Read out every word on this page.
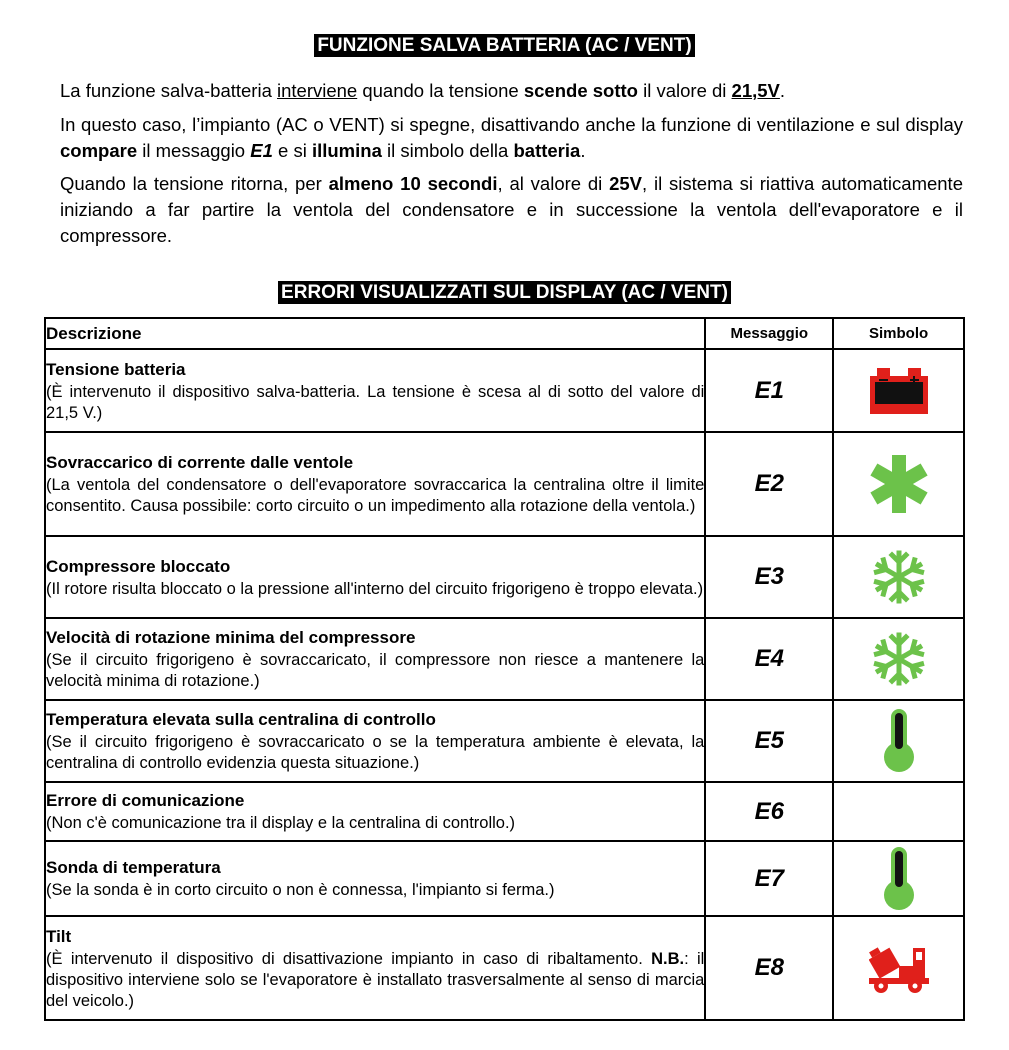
FUNZIONE SALVA BATTERIA (AC / VENT)

La funzione salva-batteria interviene quando la tensione scende sotto il valore di 21,5V.

In questo caso, l’impianto (AC o VENT) si spegne, disattivando anche la funzione di ventilazione e sul display compare il messaggio E1 e si illumina il simbolo della batteria.

Quando la tensione ritorna, per almeno 10 secondi, al valore di 25V, il sistema si riattiva automaticamente iniziando a far partire la ventola del condensatore e in successione la ventola dell'evaporatore e il compressore.

ERRORI VISUALIZZATI SUL DISPLAY (AC / VENT)
Descrizione	Messaggio	Simbolo

Tensione batteria
(È intervenuto il dispositivo salva-batteria. La tensione è scesa al di sotto del valore di 21,5 V.)	E1	

Sovraccarico di corrente dalle ventole
(La ventola del condensatore o dell'evaporatore sovraccarica la centralina oltre il limite consentito. Causa possibile: corto circuito o un impedimento alla rotazione della ventola.)	E2	

Compressore bloccato
(Il rotore risulta bloccato o la pressione all'interno del circuito frigorigeno è troppo elevata.)	E3	

Velocità di rotazione minima del compressore
(Se il circuito frigorigeno è sovraccaricato, il compressore non riesce a mantenere la velocità minima di rotazione.)	E4	

Temperatura elevata sulla centralina di controllo
(Se il circuito frigorigeno è sovraccaricato o se la temperatura ambiente è elevata, la centralina di controllo evidenzia questa situazione.)	E5	

Errore di comunicazione
(Non c'è comunicazione tra il display e la centralina di controllo.)	E6	

Sonda di temperatura
(Se la sonda è in corto circuito o non è connessa, l'impianto si ferma.)	E7	

Tilt
(È intervenuto il dispositivo di disattivazione impianto in caso di ribaltamento. N.B.: il dispositivo interviene solo se l'evaporatore è installato trasversalmente al senso di marcia del veicolo.)	E8	
